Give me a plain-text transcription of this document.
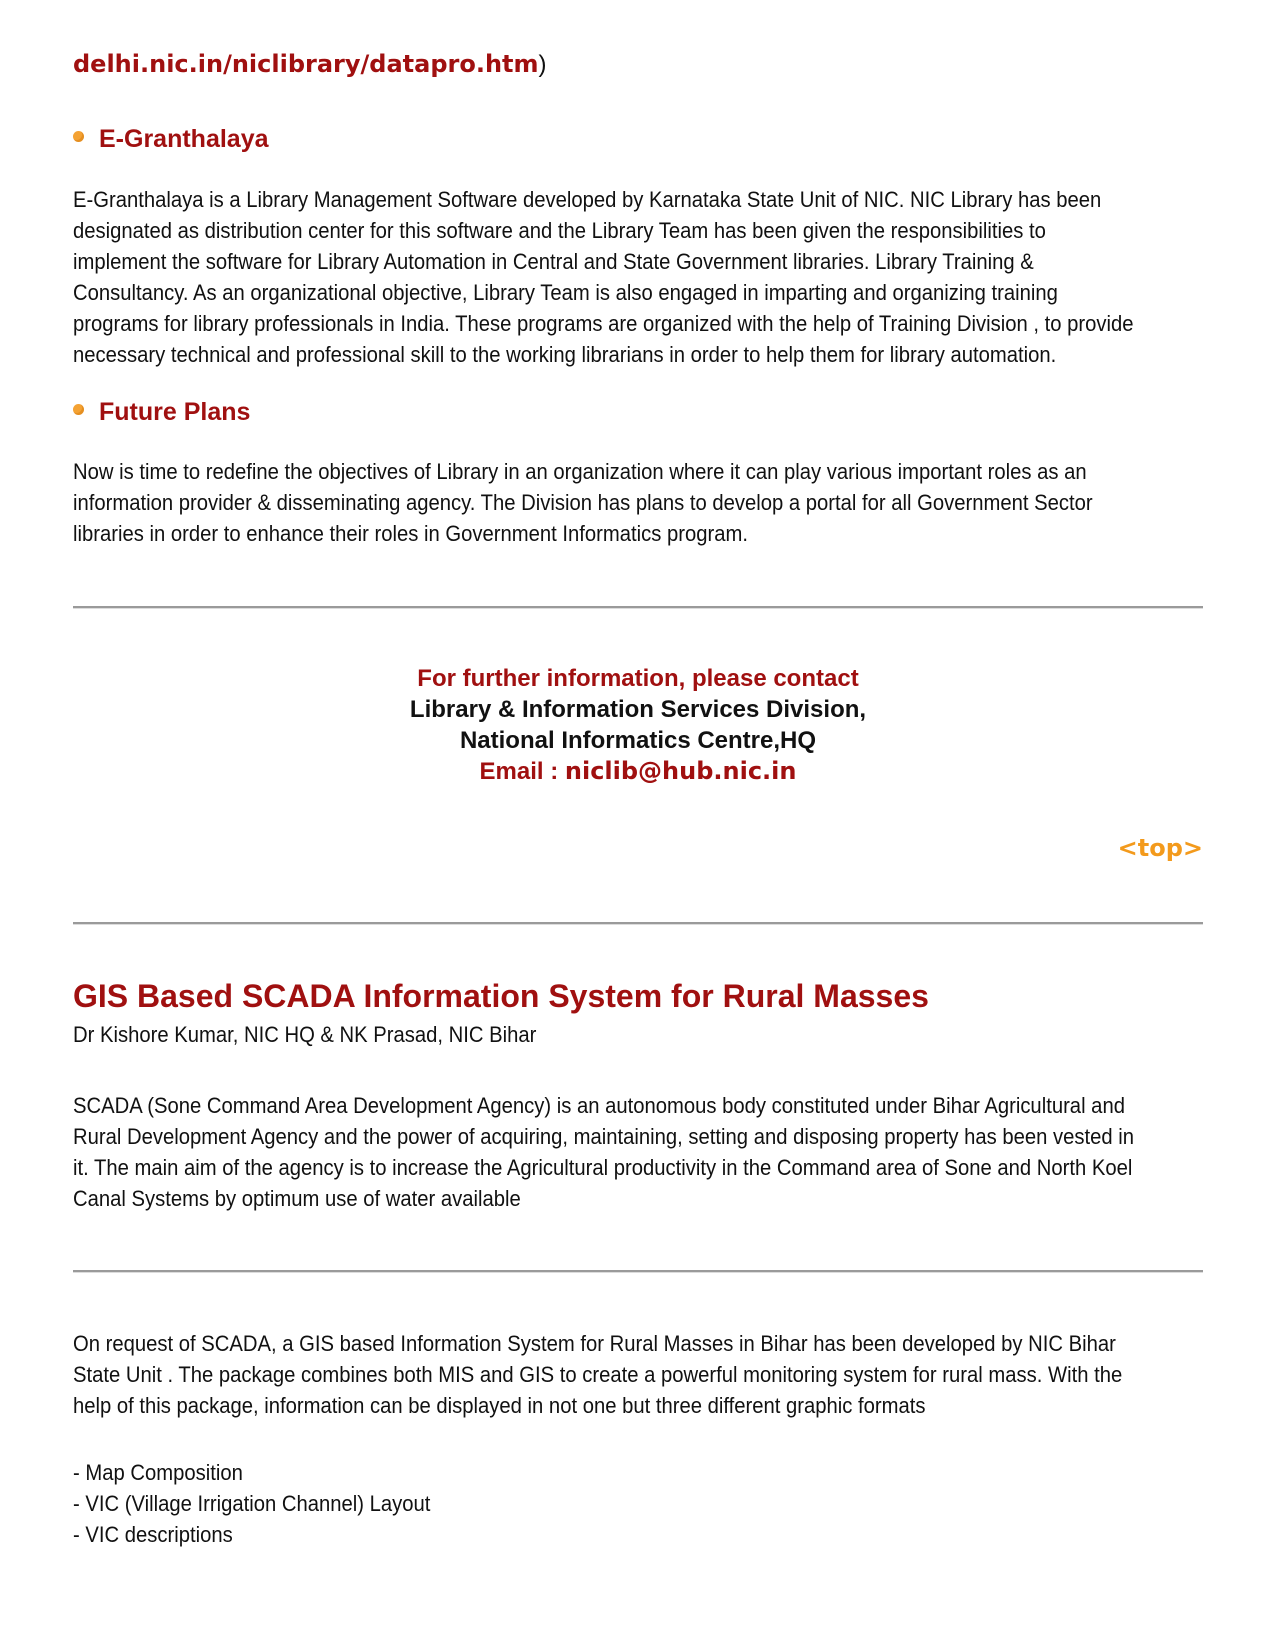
delhi.nic.in/niclibrary/datapro.htm)
E-Granthalaya
E-Granthalaya is a Library Management Software developed by Karnataka State Unit of NIC. NIC Library has been
designated as distribution center for this software and the Library Team has been given the responsibilities to
implement the software for Library Automation in Central and State Government libraries. Library Training &
Consultancy. As an organizational objective, Library Team is also engaged in imparting and organizing training
programs for library professionals in India. These programs are organized with the help of Training Division , to provide
necessary technical and professional skill to the working librarians in order to help them for library automation.
Future Plans
Now is time to redefine the objectives of Library in an organization where it can play various important roles as an
information provider & disseminating agency. The Division has plans to develop a portal for all Government Sector
libraries in order to enhance their roles in Government Informatics program.
For further information, please contact
Library & Information Services Division,
National Informatics Centre,HQ
Email : niclib@hub.nic.in
<top>
GIS Based SCADA Information System for Rural Masses
Dr Kishore Kumar, NIC HQ & NK Prasad, NIC Bihar
SCADA (Sone Command Area Development Agency) is an autonomous body constituted under Bihar Agricultural and
Rural Development Agency and the power of acquiring, maintaining, setting and disposing property has been vested in
it. The main aim of the agency is to increase the Agricultural productivity in the Command area of Sone and North Koel
Canal Systems by optimum use of water available
On request of SCADA, a GIS based Information System for Rural Masses in Bihar has been developed by NIC Bihar
State Unit . The package combines both MIS and GIS to create a powerful monitoring system for rural mass. With the
help of this package, information can be displayed in not one but three different graphic formats
- Map Composition
- VIC (Village Irrigation Channel) Layout
- VIC descriptions
